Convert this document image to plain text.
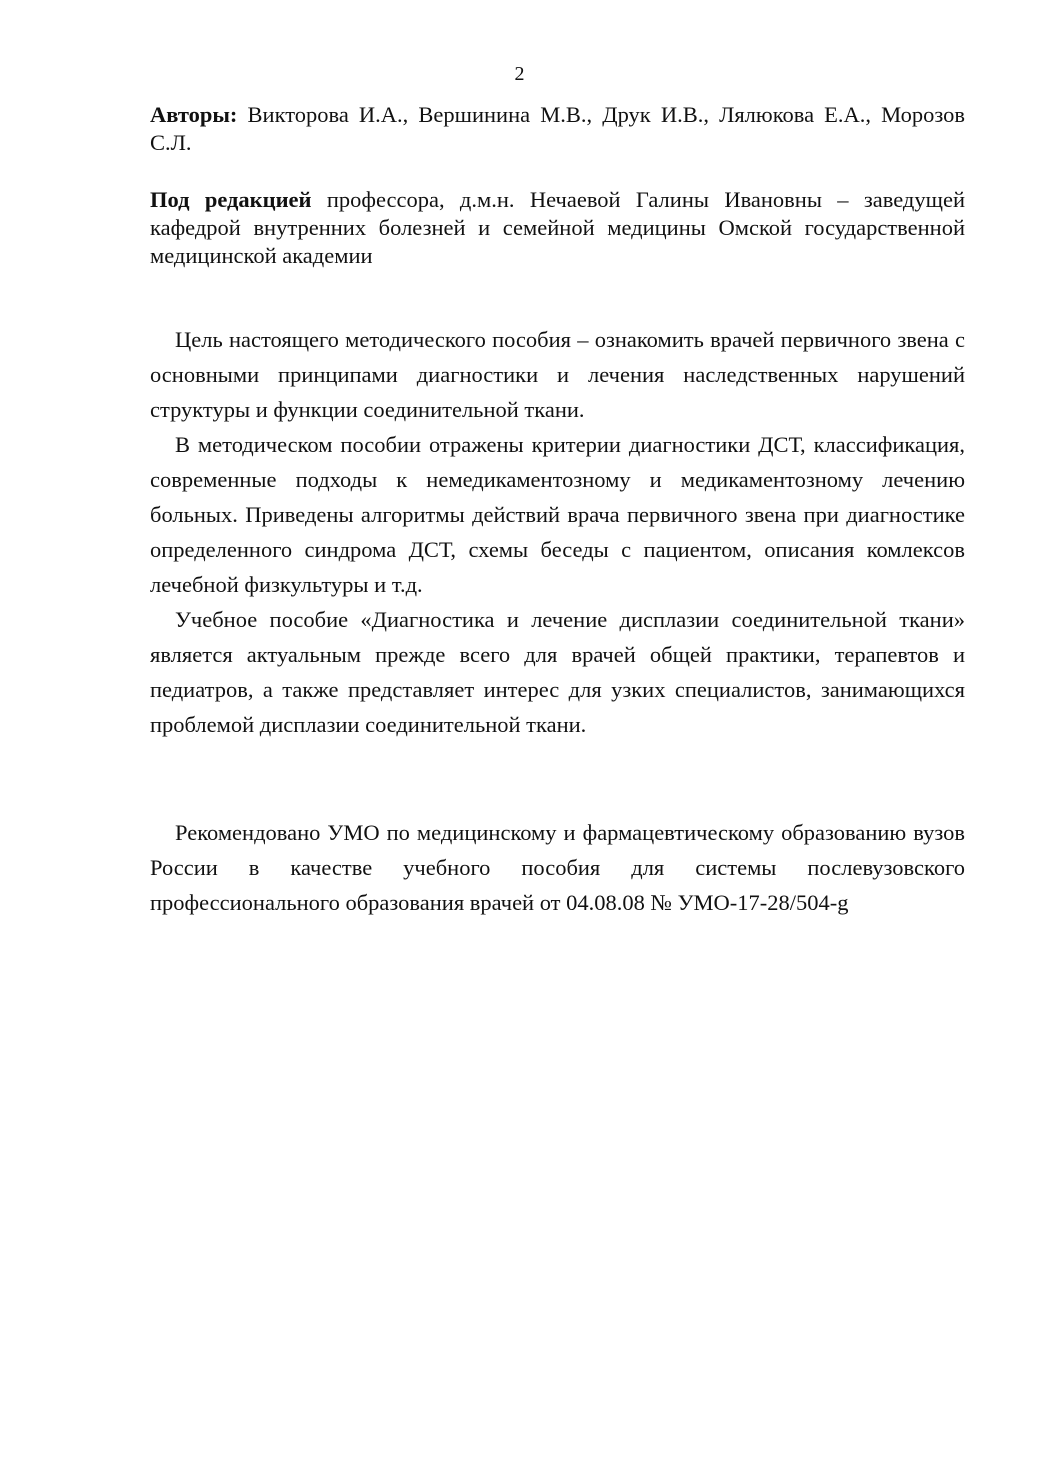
2

Авторы: Викторова И.А., Вершинина М.В., Друк И.В., Лялюкова Е.А., Морозов С.Л.

Под редакцией профессора, д.м.н. Нечаевой Галины Ивановны – заведущей кафедрой внутренних болезней и семейной медицины Омской государственной медицинской академии

Цель настоящего методического пособия – ознакомить врачей первичного звена с основными принципами диагностики и лечения наследственных нарушений структуры и функции соединительной ткани.

В методическом пособии отражены критерии диагностики ДСТ, классификация, современные подходы к немедикаментозному и медикаментозному лечению больных. Приведены алгоритмы действий врача первичного звена при диагностике определенного синдрома ДСТ, схемы беседы с пациентом, описания комлексов лечебной физкультуры и т.д.

Учебное пособие «Диагностика и лечение дисплазии соединительной ткани» является актуальным прежде всего для врачей общей практики, терапевтов и педиатров, а также представляет интерес для узких специалистов, занимающихся проблемой дисплазии соединительной ткани.

Рекомендовано УМО по медицинскому и фармацевтическому образованию вузов России в качестве учебного пособия для системы послевузовского профессионального образования врачей от 04.08.08 № УМО-17-28/504-g
